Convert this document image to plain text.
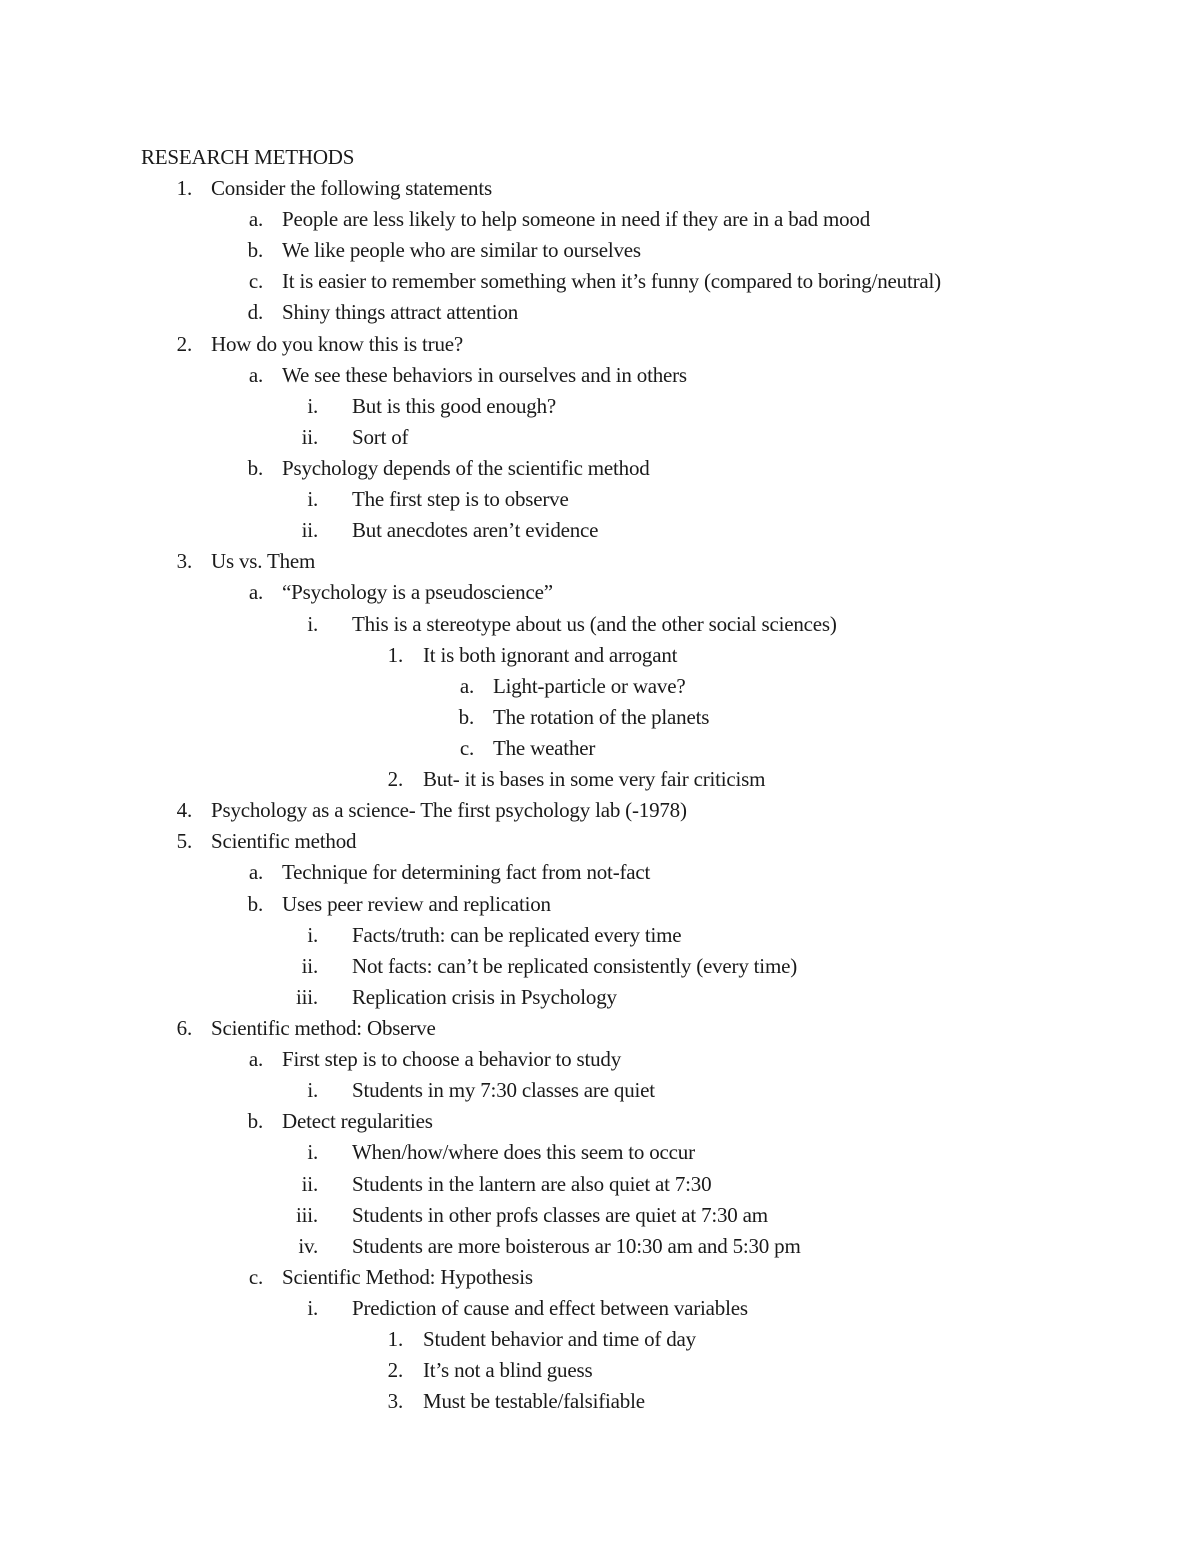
RESEARCH METHODS
1. Consider the following statements
a. People are less likely to help someone in need if they are in a bad mood
b. We like people who are similar to ourselves
c. It is easier to remember something when it’s funny (compared to boring/neutral)
d. Shiny things attract attention
2. How do you know this is true?
a. We see these behaviors in ourselves and in others
i. But is this good enough?
ii. Sort of
b. Psychology depends of the scientific method
i. The first step is to observe
ii. But anecdotes aren’t evidence
3. Us vs. Them
a. “Psychology is a pseudoscience”
i. This is a stereotype about us (and the other social sciences)
1. It is both ignorant and arrogant
a. Light-particle or wave?
b. The rotation of the planets
c. The weather
2. But- it is bases in some very fair criticism
4. Psychology as a science- The first psychology lab (-1978)
5. Scientific method
a. Technique for determining fact from not-fact
b. Uses peer review and replication
i. Facts/truth: can be replicated every time
ii. Not facts: can’t be replicated consistently (every time)
iii. Replication crisis in Psychology
6. Scientific method: Observe
a. First step is to choose a behavior to study
i. Students in my 7:30 classes are quiet
b. Detect regularities
i. When/how/where does this seem to occur
ii. Students in the lantern are also quiet at 7:30
iii. Students in other profs classes are quiet at 7:30 am
iv. Students are more boisterous ar 10:30 am and 5:30 pm
c. Scientific Method: Hypothesis
i. Prediction of cause and effect between variables
1. Student behavior and time of day
2. It’s not a blind guess
3. Must be testable/falsifiable
